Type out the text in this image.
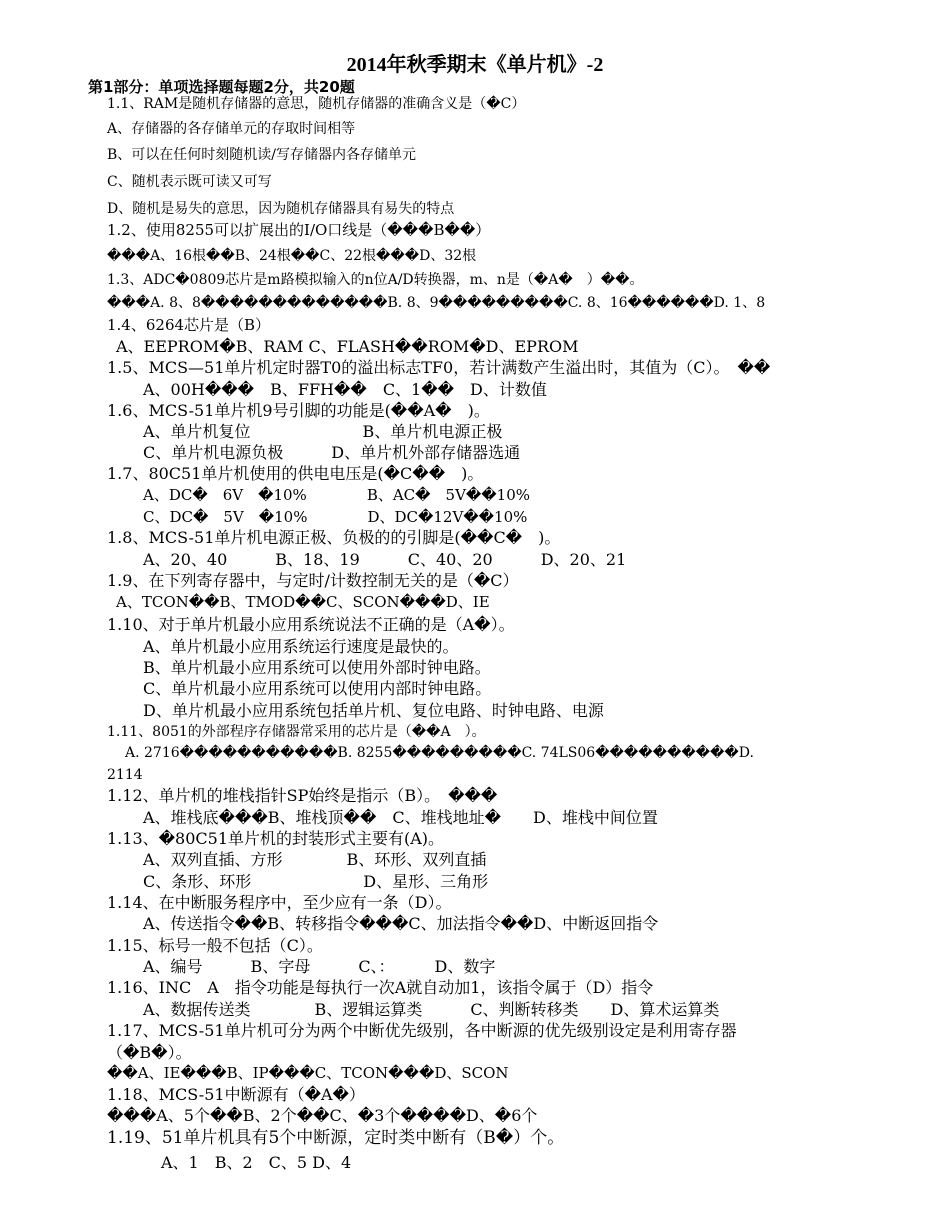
2014年秋季期末《单片机》-2
第1部分：单项选择题每题2分，共20题
1.1、RAM是随机存储器的意思，随机存储器的准确含义是（�C）
A、存储器的各存储单元的存取时间相等
B、可以在任何时刻随机读/写存储器内各存储单元
C、随机表示既可读又可写
D、随机是易失的意思，因为随机存储器具有易失的特点
1.2、使用8255可以扩展出的I/O口线是（���B��）
���A、16根��B、24根��C、22根���D、32根
1.3、ADC�0809芯片是m路模拟输入的n位A/D转换器，m、n是（�A�　）��。
���A. 8、8�������������B. 8、9���������C. 8、16������D. 1、8
1.4、6264芯片是（B）
A、EEPROM�B、RAM C、FLASH��ROM�D、EPROM
1.5、MCS—51单片机定时器T0的溢出标志TF0，若计满数产生溢出时，其值为（C）。　��
A、00H���　B、FFH��　C、1��　D、计数值
1.6、MCS-51单片机9号引脚的功能是(��A�　)。
A、单片机复位　　　　　　　B、单片机电源正极
C、单片机电源负极　　　D、单片机外部存储器选通
1.7、80C51单片机使用的供电电压是(�C��　)。
A、DC�　6V　�10%　　　　B、AC�　5V��10%
C、DC�　5V　�10%　　　　D、DC�12V��10%
1.8、MCS-51单片机电源正极、负极的的引脚是(��C�　)。
A、20、40　　　B、18、19　　　C、40、20　　　D、20、21
1.9、在下列寄存器中，与定时/计数控制无关的是（�C）
A、TCON��B、TMOD��C、SCON���D、IE
1.10、对于单片机最小应用系统说法不正确的是（A�）。
A、单片机最小应用系统运行速度是最快的。
B、单片机最小应用系统可以使用外部时钟电路。
C、单片机最小应用系统可以使用内部时钟电路。
D、单片机最小应用系统包括单片机、复位电路、时钟电路、电源
1.11、8051的外部程序存储器常采用的芯片是（��A　）。
A. 2716�����������B. 8255���������C. 74LS06����������D.
2114
1.12、单片机的堆栈指针SP始终是指示（B）。　���
A、堆栈底���B、堆栈顶��　C、堆栈地址�　　D、堆栈中间位置
1.13、�80C51单片机的封装形式主要有(A)。
A、双列直插、方形　　　　B、环形、双列直插
C、条形、环形　　　　　　　D、星形、三角形
1.14、在中断服务程序中，至少应有一条（D）。
A、传送指令��B、转移指令���C、加法指令��D、中断返回指令
1.15、标号一般不包括（C）。
A、编号　　　B、字母　　　C、：　　　D、数字
1.16、INC　A　指令功能是每执行一次A就自动加1，该指令属于（D）指令
A、数据传送类　　　　B、逻辑运算类　　　C、判断转移类　　D、算术运算类
1.17、MCS-51单片机可分为两个中断优先级别，各中断源的优先级别设定是利用寄存器
（�B�）。
��A、IE���B、IP���C、TCON���D、SCON
1.18、MCS-51中断源有（�A�）
���A、5个��B、2个��C、�3个����D、�6个
1.19、51单片机具有5个中断源，定时类中断有（B�）个。
A、1　B、2　C、5 D、4
